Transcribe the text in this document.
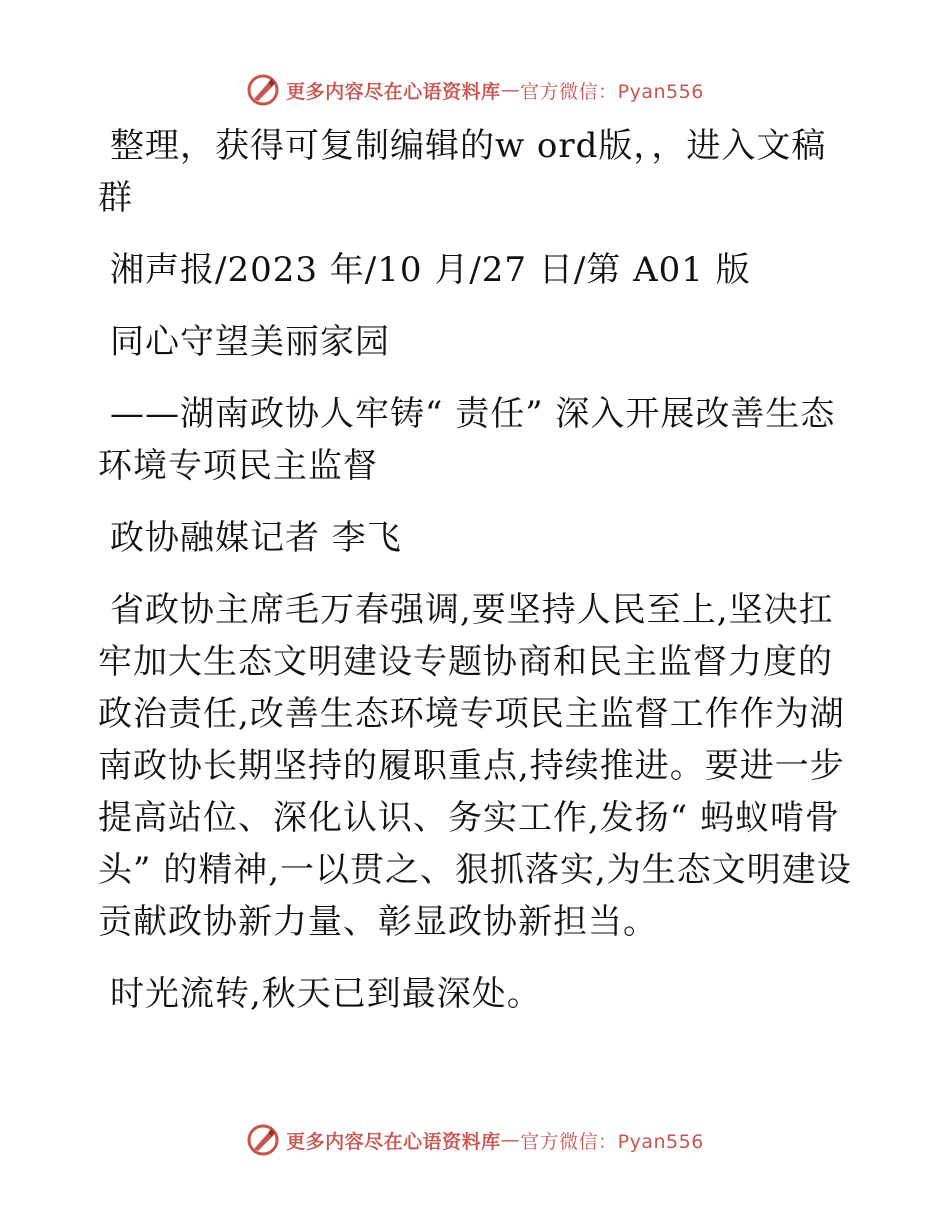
更多内容尽在心语资料库 — 官方微信：Pyan556

整理，获得可复制编辑的w ord版，，进入文稿群

湘声报/2023 年/10 月/27 日/第 A01 版

同心守望美丽家园

——湖南政协人牢铸“ 责任” 深入开展改善生态环境专项民主监督

政协融媒记者 李飞

省政协主席毛万春强调,要坚持人民至上,坚决扛牢加大生态文明建设专题协商和民主监督力度的政治责任,改善生态环境专项民主监督工作作为湖南政协长期坚持的履职重点,持续推进。要进一步提高站位、深化认识、务实工作,发扬“ 蚂蚁啃骨头” 的精神,一以贯之、狠抓落实,为生态文明建设贡献政协新力量、彰显政协新担当。

时光流转,秋天已到最深处。

更多内容尽在心语资料库 — 官方微信：Pyan556
